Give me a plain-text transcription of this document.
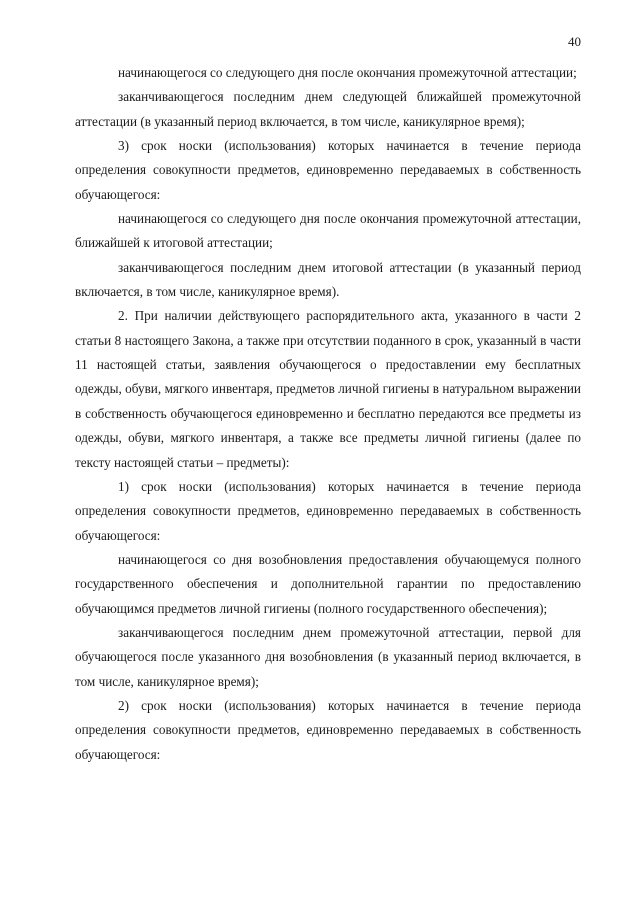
40

начинающегося со следующего дня после окончания промежуточной аттестации;

заканчивающегося последним днем следующей ближайшей промежуточной аттестации (в указанный период включается, в том числе, каникулярное время);

3) срок носки (использования) которых начинается в течение периода определения совокупности предметов, единовременно передаваемых в собственность обучающегося:

начинающегося со следующего дня после окончания промежуточной аттестации, ближайшей к итоговой аттестации;

заканчивающегося последним днем итоговой аттестации (в указанный период включается, в том числе, каникулярное время).

2. При наличии действующего распорядительного акта, указанного в части 2 статьи 8 настоящего Закона, а также при отсутствии поданного в срок, указанный в части 11 настоящей статьи, заявления обучающегося о предоставлении ему бесплатных одежды, обуви, мягкого инвентаря, предметов личной гигиены в натуральном выражении в собственность обучающегося единовременно и бесплатно передаются все предметы из одежды, обуви, мягкого инвентаря, а также все предметы личной гигиены (далее по тексту настоящей статьи – предметы):

1) срок носки (использования) которых начинается в течение периода определения совокупности предметов, единовременно передаваемых в собственность обучающегося:

начинающегося со дня возобновления предоставления обучающемуся полного государственного обеспечения и дополнительной гарантии по предоставлению обучающимся предметов личной гигиены (полного государственного обеспечения);

заканчивающегося последним днем промежуточной аттестации, первой для обучающегося после указанного дня возобновления (в указанный период включается, в том числе, каникулярное время);

2) срок носки (использования) которых начинается в течение периода определения совокупности предметов, единовременно передаваемых в собственность обучающегося:
